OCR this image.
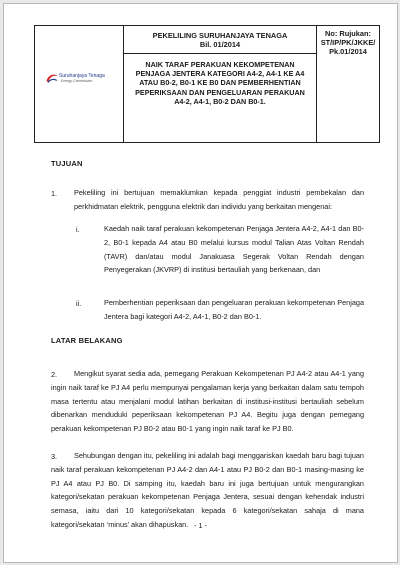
Suruhanjaya Tenaga
Energy Commission
PEKELILING SURUHANJAYA TENAGA
Bil. 01/2014
NAIK TARAF PERAKUAN KEKOMPETENAN PENJAGA JENTERA KATEGORI A4-2, A4-1 KE A4 ATAU B0-2, B0-1 KE B0 DAN PEMBERHENTIAN PEPERIKSAAN DAN PENGELUARAN PERAKUAN A4-2, A4-1, B0-2 DAN B0-1.
No: Rujukan:
ST/IP/PK/JKKE/ Pk.01/2014
TUJUAN
1. Pekeliling ini bertujuan memaklumkan kepada penggiat industri pembekalan dan perkhidmatan elektrik, pengguna elektrik dan individu yang berkaitan mengenai:
i.	Kaedah naik taraf perakuan kekompetenan Penjaga Jentera A4-2, A4-1 dan B0-2, B0-1 kepada A4 atau B0 melalui kursus modul Talian Atas Voltan Rendah (TAVR) dan/atau modul Janakuasa Segerak Voltan Rendah dengan Penyegerakan (JKVRP) di institusi bertauliah yang berkenaan, dan
ii.	Pemberhentian peperiksaan dan pengeluaran perakuan kekompetenan Penjaga Jentera bagi kategori A4-2, A4-1, B0-2 dan B0-1.
LATAR BELAKANG
2.	Mengikut syarat sedia ada, pemegang Perakuan Kekompetenan PJ A4-2 atau A4-1 yang ingin naik taraf ke PJ A4 perlu mempunyai pengalaman kerja yang berkaitan dalam satu tempoh masa tertentu atau menjalani modul latihan berkaitan di institusi-institusi bertauliah sebelum dibenarkan menduduki peperiksaan kekompetenan PJ A4. Begitu juga dengan pemegang perakuan kekompetenan PJ B0-2 atau B0-1 yang ingin naik taraf ke PJ B0.
3.	Sehubungan dengan itu, pekeliling ini adalah bagi menggariskan kaedah baru bagi tujuan naik taraf perakuan kekompetenan PJ A4-2 dan A4-1 atau PJ B0-2 dan B0-1 masing-masing ke PJ A4 atau PJ B0. Di samping itu, kaedah baru ini juga bertujuan untuk mengurangkan kategori/sekatan perakuan kekompetenan Penjaga Jentera, sesuai dengan kehendak industri semasa, iaitu dari 10 kategori/sekatan kepada 6 kategori/sekatan sahaja di mana kategori/sekatan ‘minus’ akan dihapuskan. - 1 -
